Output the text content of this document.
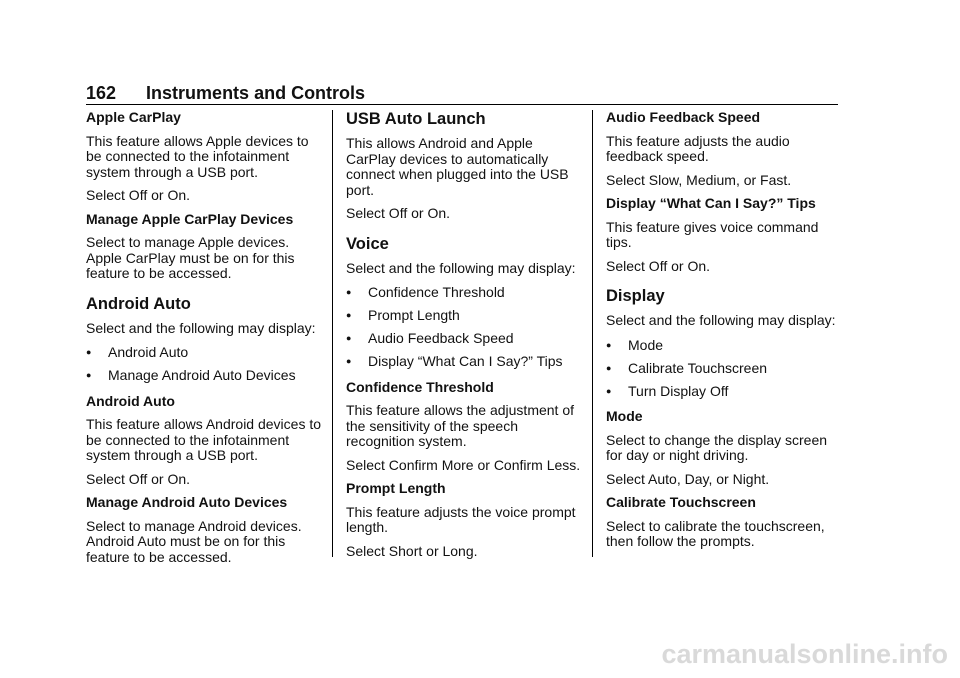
162 Instruments and Controls

Apple CarPlay

This feature allows Apple devices to be connected to the infotainment system through a USB port.

Select Off or On.

Manage Apple CarPlay Devices

Select to manage Apple devices. Apple CarPlay must be on for this feature to be accessed.

Android Auto

Select and the following may display:

●	Android Auto
●	Manage Android Auto Devices

Android Auto

This feature allows Android devices to be connected to the infotainment system through a USB port.

Select Off or On.

Manage Android Auto Devices

Select to manage Android devices. Android Auto must be on for this feature to be accessed.

USB Auto Launch

This allows Android and Apple CarPlay devices to automatically connect when plugged into the USB port.

Select Off or On.

Voice

Select and the following may display:

●	Confidence Threshold
●	Prompt Length
●	Audio Feedback Speed
●	Display “What Can I Say?” Tips

Confidence Threshold

This feature allows the adjustment of the sensitivity of the speech recognition system.

Select Confirm More or Confirm Less.

Prompt Length

This feature adjusts the voice prompt length.

Select Short or Long.

Audio Feedback Speed

This feature adjusts the audio feedback speed.

Select Slow, Medium, or Fast.

Display “What Can I Say?” Tips

This feature gives voice command tips.

Select Off or On.

Display

Select and the following may display:

●	Mode
●	Calibrate Touchscreen
●	Turn Display Off

Mode

Select to change the display screen for day or night driving.

Select Auto, Day, or Night.

Calibrate Touchscreen

Select to calibrate the touchscreen, then follow the prompts.

carmanualsonline.info
